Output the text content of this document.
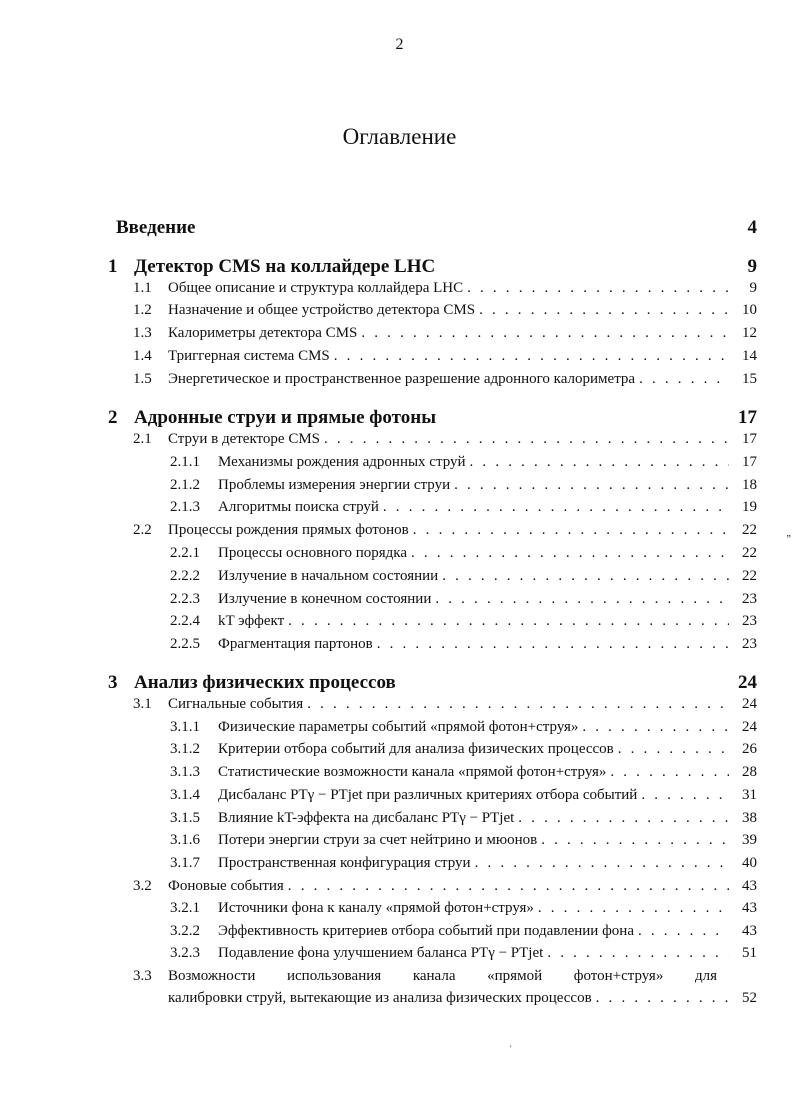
2
Оглавление
Введение	4
1 Детектор CMS на коллайдере LHC	9
1.1	Общее описание и структура коллайдера LHC . . .	9
1.2	Назначение и общее устройство детектора CMS . . .	10
1.3	Калориметры детектора CMS . . .	12
1.4	Триггерная система CMS . . .	14
1.5	Энергетическое и пространственное разрешение адронного калориметра . . .	15
2 Адронные струи и прямые фотоны	17
2.1	Струи в детекторе CMS . . .	17
2.1.1	Механизмы рождения адронных струй . . .	17
2.1.2	Проблемы измерения энергии струи . . .	18
2.1.3	Алгоритмы поиска струй . . .	19
2.2	Процессы рождения прямых фотонов . . .	22
2.2.1	Процессы основного порядка . . .	22
2.2.2	Излучение в начальном состоянии . . .	22
2.2.3	Излучение в конечном состоянии . . .	23
2.2.4	kT эффект . . .	23
2.2.5	Фрагментация партонов . . .	23
3 Анализ физических процессов	24
3.1	Сигнальные события . . .	24
3.1.1	Физические параметры событий «прямой фотон+струя» . . .	24
3.1.2	Критерии отбора событий для анализа физических процессов . . .	26
3.1.3	Статистические возможности канала «прямой фотон+струя» . . .	28
3.1.4	Дисбаланс PTγ − PTjet при различных критериях отбора событий . . .	31
3.1.5	Влияние kT-эффекта на дисбаланс PTγ − PTjet . . .	38
3.1.6	Потери энергии струи за счет нейтрино и мюонов . . .	39
3.1.7	Пространственная конфигурация струи . . .	40
3.2	Фоновые события . . .	43
3.2.1	Источники фона к каналу «прямой фотон+струя» . . .	43
3.2.2	Эффективность критериев отбора событий при подавлении фона . . .	43
3.2.3	Подавление фона улучшением баланса PTγ − PTjet . . .	51
3.3	Возможности использования канала «прямой фотон+струя» для
калибровки струй, вытекающие из анализа физических процессов . . .	52
”
'
